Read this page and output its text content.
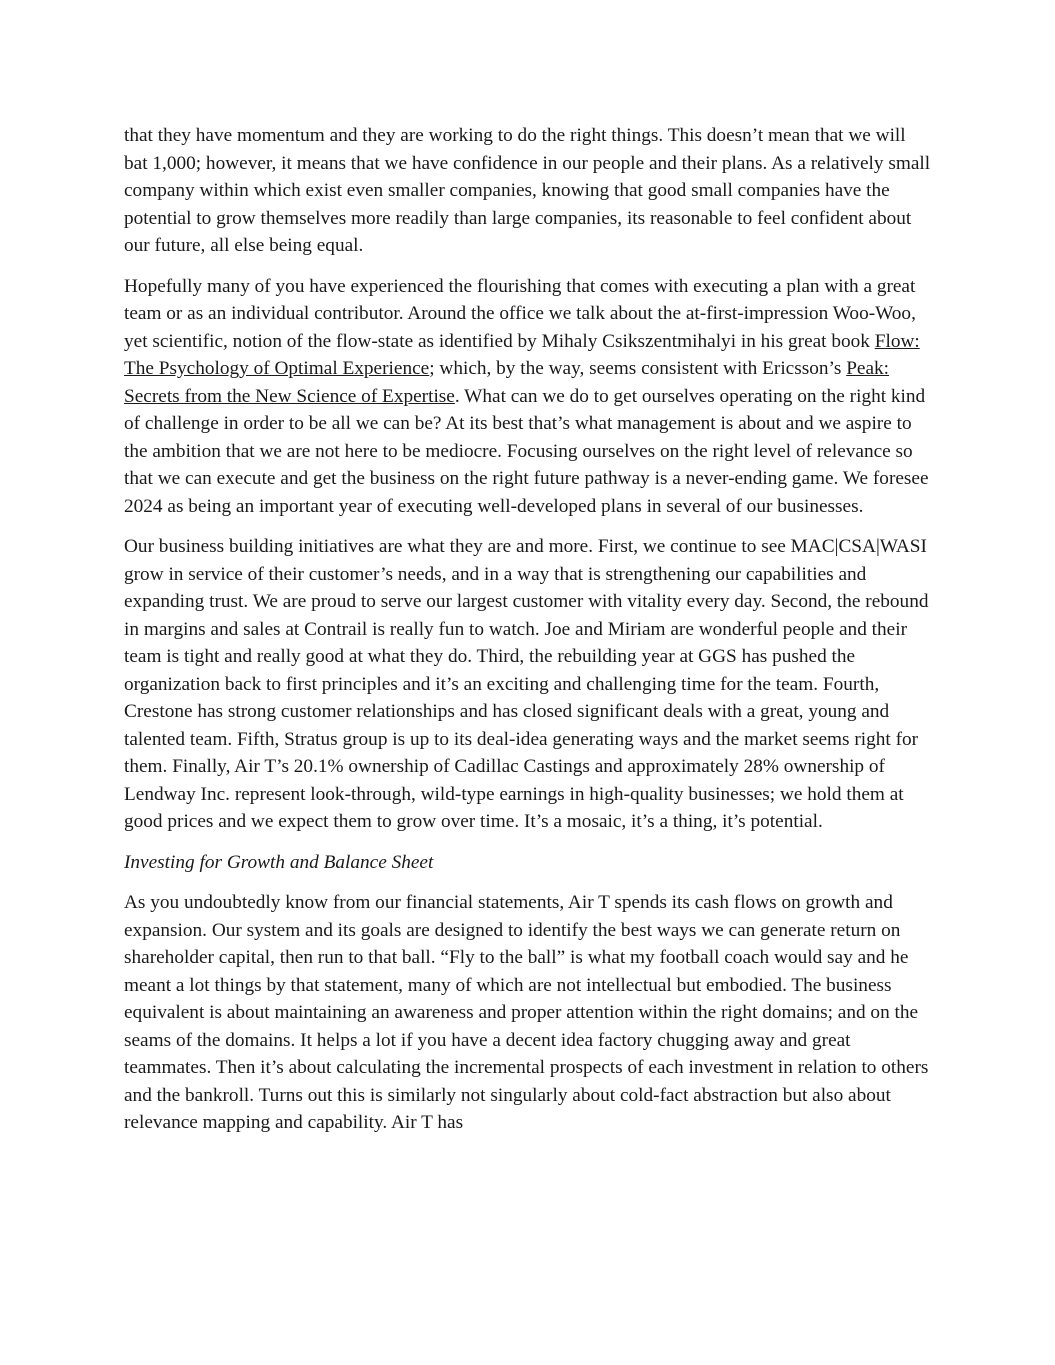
that they have momentum and they are working to do the right things. This doesn’t mean that we will bat 1,000; however, it means that we have confidence in our people and their plans. As a relatively small company within which exist even smaller companies, knowing that good small companies have the potential to grow themselves more readily than large companies, its reasonable to feel confident about our future, all else being equal.

Hopefully many of you have experienced the flourishing that comes with executing a plan with a great team or as an individual contributor. Around the office we talk about the at-first-impression Woo-Woo, yet scientific, notion of the flow-state as identified by Mihaly Csikszentmihalyi in his great book Flow: The Psychology of Optimal Experience; which, by the way, seems consistent with Ericsson’s Peak: Secrets from the New Science of Expertise. What can we do to get ourselves operating on the right kind of challenge in order to be all we can be? At its best that’s what management is about and we aspire to the ambition that we are not here to be mediocre. Focusing ourselves on the right level of relevance so that we can execute and get the business on the right future pathway is a never-ending game. We foresee 2024 as being an important year of executing well-developed plans in several of our businesses.

Our business building initiatives are what they are and more. First, we continue to see MAC|CSA|WASI grow in service of their customer’s needs, and in a way that is strengthening our capabilities and expanding trust. We are proud to serve our largest customer with vitality every day. Second, the rebound in margins and sales at Contrail is really fun to watch. Joe and Miriam are wonderful people and their team is tight and really good at what they do. Third, the rebuilding year at GGS has pushed the organization back to first principles and it’s an exciting and challenging time for the team. Fourth, Crestone has strong customer relationships and has closed significant deals with a great, young and talented team. Fifth, Stratus group is up to its deal-idea generating ways and the market seems right for them. Finally, Air T’s 20.1% ownership of Cadillac Castings and approximately 28% ownership of Lendway Inc. represent look-through, wild-type earnings in high-quality businesses; we hold them at good prices and we expect them to grow over time. It’s a mosaic, it’s a thing, it’s potential.

Investing for Growth and Balance Sheet

As you undoubtedly know from our financial statements, Air T spends its cash flows on growth and expansion. Our system and its goals are designed to identify the best ways we can generate return on shareholder capital, then run to that ball. “Fly to the ball” is what my football coach would say and he meant a lot things by that statement, many of which are not intellectual but embodied. The business equivalent is about maintaining an awareness and proper attention within the right domains; and on the seams of the domains. It helps a lot if you have a decent idea factory chugging away and great teammates. Then it’s about calculating the incremental prospects of each investment in relation to others and the bankroll. Turns out this is similarly not singularly about cold-fact abstraction but also about relevance mapping and capability. Air T has
